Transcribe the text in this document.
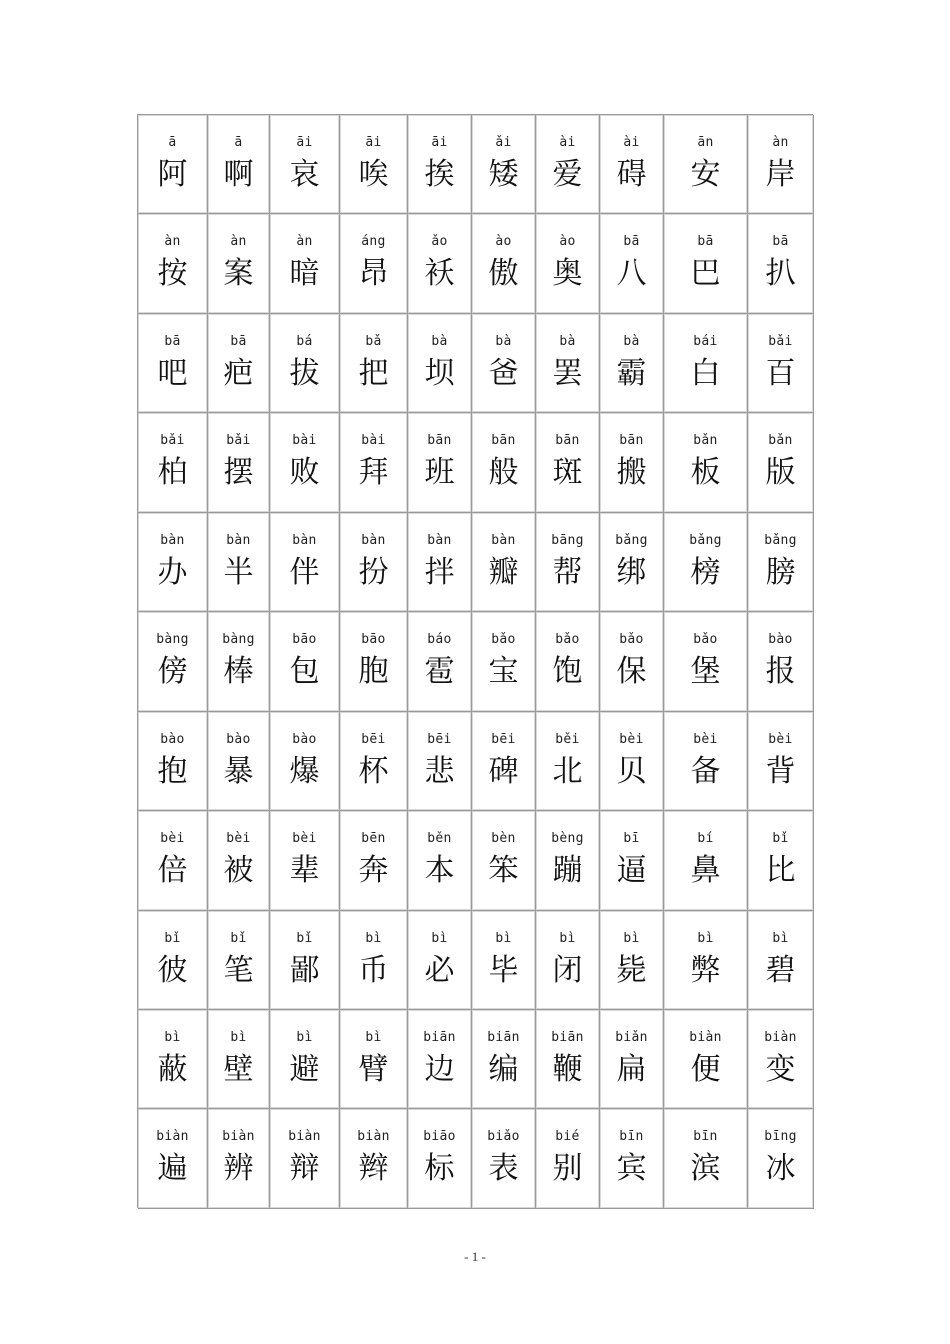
ā
阿
ā
啊
āi
哀
āi
唉
āi
挨
ǎi
矮
ài
爱
ài
碍
ān
安
àn
岸
àn
按
àn
案
àn
暗
áng
昂
ǎo
袄
ào
傲
ào
奥
bā
八
bā
巴
bā
扒
bā
吧
bā
疤
bá
拔
bǎ
把
bà
坝
bà
爸
bà
罢
bà
霸
bái
白
bǎi
百
bǎi
柏
bǎi
摆
bài
败
bài
拜
bān
班
bān
般
bān
斑
bān
搬
bǎn
板
bǎn
版
bàn
办
bàn
半
bàn
伴
bàn
扮
bàn
拌
bàn
瓣
bāng
帮
bǎng
绑
bǎng
榜
bǎng
膀
bàng
傍
bàng
棒
bāo
包
bāo
胞
báo
雹
bǎo
宝
bǎo
饱
bǎo
保
bǎo
堡
bào
报
bào
抱
bào
暴
bào
爆
bēi
杯
bēi
悲
bēi
碑
běi
北
bèi
贝
bèi
备
bèi
背
bèi
倍
bèi
被
bèi
辈
bēn
奔
běn
本
bèn
笨
bèng
蹦
bī
逼
bí
鼻
bǐ
比
bǐ
彼
bǐ
笔
bǐ
鄙
bì
币
bì
必
bì
毕
bì
闭
bì
毙
bì
弊
bì
碧
bì
蔽
bì
壁
bì
避
bì
臂
biān
边
biān
编
biān
鞭
biǎn
扁
biàn
便
biàn
变
biàn
遍
biàn
辨
biàn
辩
biàn
辫
biāo
标
biǎo
表
bié
别
bīn
宾
bīn
滨
bīng
冰
- 1 -
